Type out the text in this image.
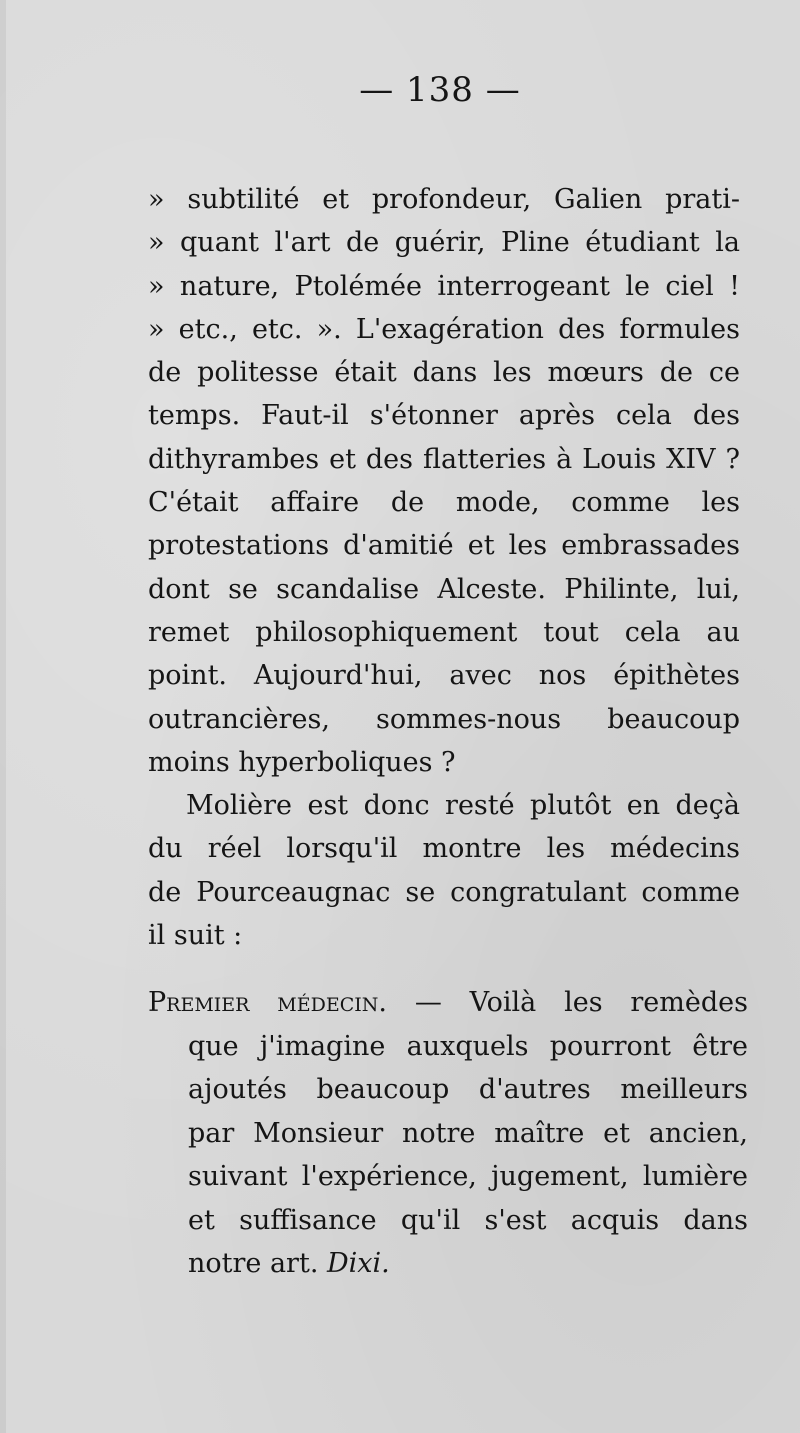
— 138 —
» subtilité et profondeur, Galien prati-
» quant l'art de guérir, Pline étudiant la
» nature, Ptolémée interrogeant le ciel !
» etc., etc. ». L'exagération des formules
de politesse était dans les mœurs de ce
temps. Faut-il s'étonner après cela des
dithyrambes et des flatteries à Louis XIV ?
C'était affaire de mode, comme les
protestations d'amitié et les embrassades
dont se scandalise Alceste. Philinte, lui,
remet philosophiquement tout cela au
point. Aujourd'hui, avec nos épithètes
outrancières, sommes-nous beaucoup
moins hyperboliques ?
Molière est donc resté plutôt en deçà
du réel lorsqu'il montre les médecins
de Pourceaugnac se congratulant comme
il suit :
Premier médecin. — Voilà les remèdes
que j'imagine auxquels pourront être
ajoutés beaucoup d'autres meilleurs
par Monsieur notre maître et ancien,
suivant l'expérience, jugement, lumière
et suffisance qu'il s'est acquis dans
notre art. Dixi.
